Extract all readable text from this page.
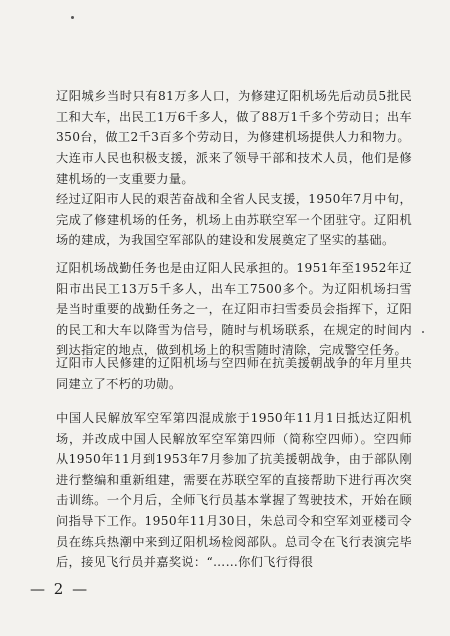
辽阳城乡当时只有81万多人口，为修建辽阳机场先后动员5批民工和大车，出民工1万6千多人，做了88万1千多个劳动日；出车350台，做工2千3百多个劳动日，为修建机场提供人力和物力。

大连市人民也积极支援，派来了领导干部和技术人员，他们是修建机场的一支重要力量。

经过辽阳市人民的艰苦奋战和全省人民支援，1950年7月中旬，完成了修建机场的任务，机场上由苏联空军一个团驻守。辽阳机场的建成，为我国空军部队的建设和发展奠定了坚实的基础。

辽阳机场战勤任务也是由辽阳人民承担的。1951年至1952年辽阳市出民工13万5千多人，出车工7500多个。为辽阳机场扫雪是当时重要的战勤任务之一，在辽阳市扫雪委员会指挥下，辽阳的民工和大车以降雪为信号，随时与机场联系，在规定的时间内到达指定的地点，做到机场上的积雪随时清除，完成警空任务。

辽阳市人民修建的辽阳机场与空四师在抗美援朝战争的年月里共同建立了不朽的功勋。

中国人民解放军空军第四混成旅于1950年11月1日抵达辽阳机场，并改成中国人民解放军空军第四师（简称空四师）。空四师从1950年11月到1953年7月参加了抗美援朝战争，由于部队刚进行整编和重新组建，需要在苏联空军的直接帮助下进行再次突击训练。一个月后，全师飞行员基本掌握了驾驶技术，开始在顾问指导下工作。1950年11月30日，朱总司令和空军刘亚楼司令员在练兵热潮中来到辽阳机场检阅部队。总司令在飞行表演完毕后，接见飞行员并嘉奖说：“……你们飞行得很

— 2 —
